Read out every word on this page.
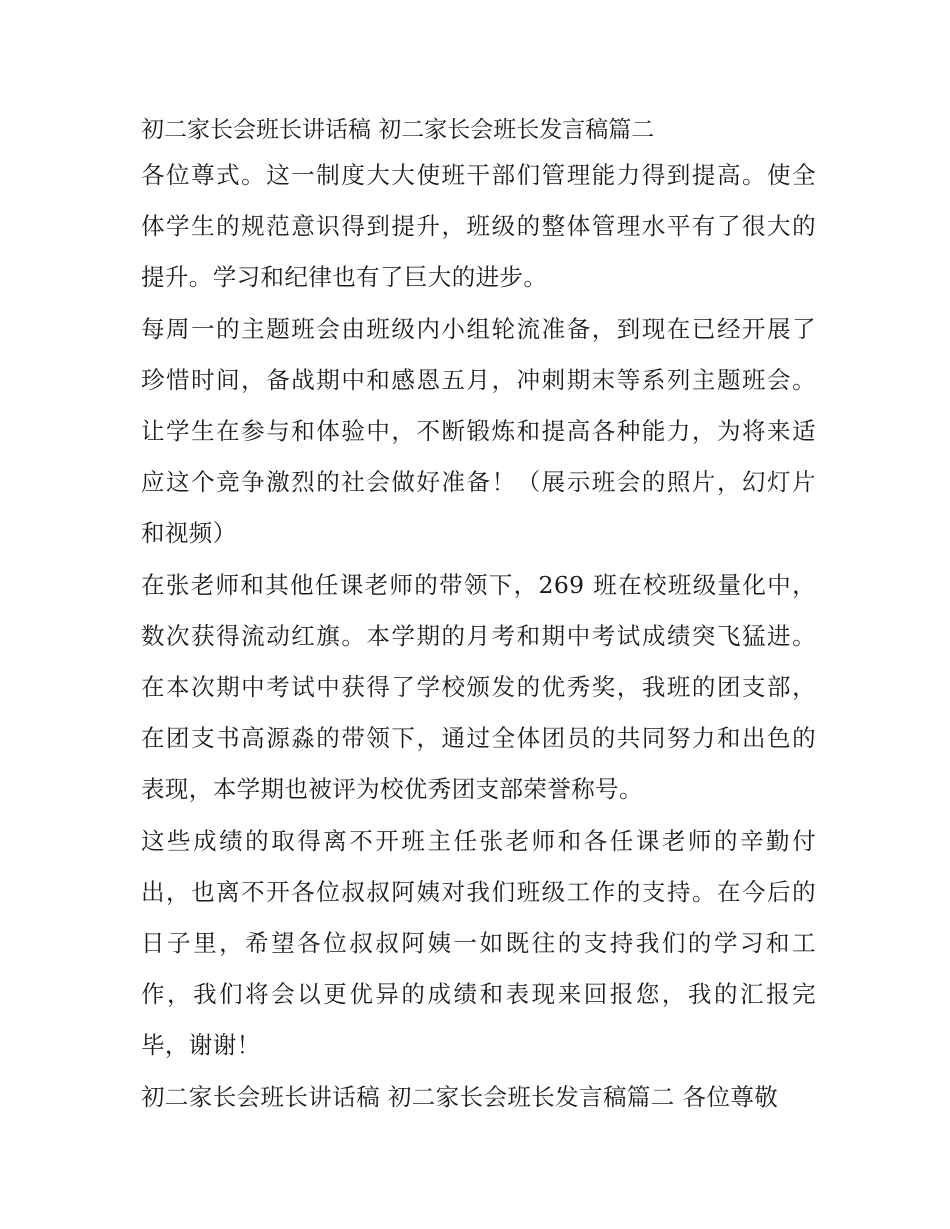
初二家长会班长讲话稿 初二家长会班长发言稿篇二

各位尊式。这一制度大大使班干部们管理能力得到提高。使全
体学生的规范意识得到提升，班级的整体管理水平有了很大的
提升。学习和纪律也有了巨大的进步。

每周一的主题班会由班级内小组轮流准备，到现在已经开展了
珍惜时间，备战期中和感恩五月，冲刺期末等系列主题班会。
让学生在参与和体验中，不断锻炼和提高各种能力，为将来适
应这个竞争激烈的社会做好准备！（展示班会的照片，幻灯片
和视频）

在张老师和其他任课老师的带领下，269 班在校班级量化中，
数次获得流动红旗。本学期的月考和期中考试成绩突飞猛进。
在本次期中考试中获得了学校颁发的优秀奖，我班的团支部，
在团支书高源淼的带领下，通过全体团员的共同努力和出色的
表现，本学期也被评为校优秀团支部荣誉称号。

这些成绩的取得离不开班主任张老师和各任课老师的辛勤付
出，也离不开各位叔叔阿姨对我们班级工作的支持。在今后的
日子里，希望各位叔叔阿姨一如既往的支持我们的学习和工
作，我们将会以更优异的成绩和表现来回报您，我的汇报完
毕，谢谢！

初二家长会班长讲话稿 初二家长会班长发言稿篇二 各位尊敬
